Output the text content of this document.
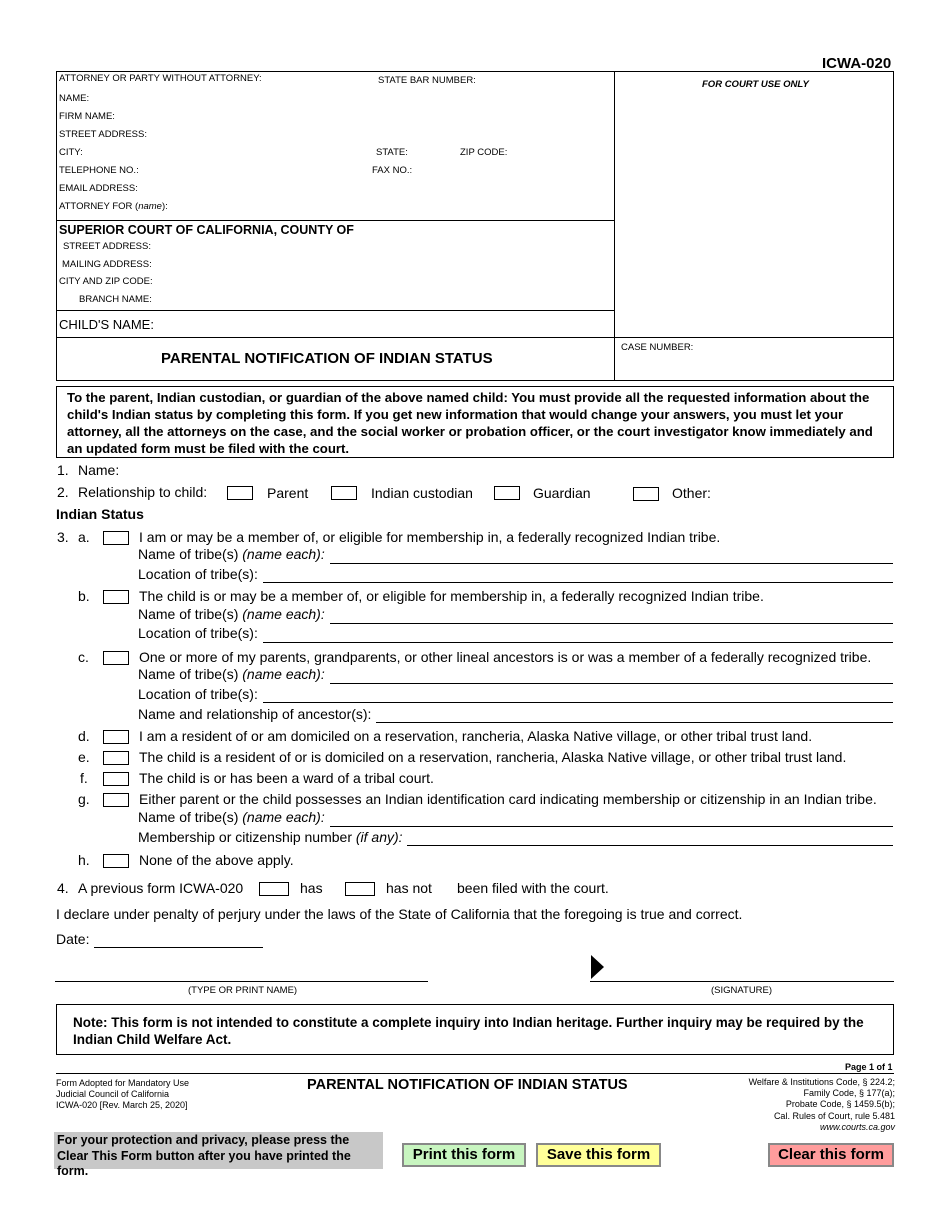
ICWA-020
ATTORNEY OR PARTY WITHOUT ATTORNEY:	STATE BAR NUMBER:	FOR COURT USE ONLY
NAME:
FIRM NAME:
STREET ADDRESS:
CITY:	STATE:	ZIP CODE:
TELEPHONE NO.:	FAX NO.:
EMAIL ADDRESS:
ATTORNEY FOR (name):
SUPERIOR COURT OF CALIFORNIA, COUNTY OF
STREET ADDRESS:
MAILING ADDRESS:
CITY AND ZIP CODE:
BRANCH NAME:
CHILD'S NAME:
PARENTAL NOTIFICATION OF INDIAN STATUS
CASE NUMBER:
To the parent, Indian custodian, or guardian of the above named child: You must provide all the requested information about the child's Indian status by completing this form. If you get new information that would change your answers, you must let your attorney, all the attorneys on the case, and the social worker or probation officer, or the court investigator know immediately and an updated form must be filed with the court.
1. Name:
2. Relationship to child:	Parent	Indian custodian	Guardian	Other:
Indian Status
3. a.	I am or may be a member of, or eligible for membership in, a federally recognized Indian tribe.
Name of tribe(s) (name each):
Location of tribe(s):
b.	The child is or may be a member of, or eligible for membership in, a federally recognized Indian tribe.
Name of tribe(s) (name each):
Location of tribe(s):
c.	One or more of my parents, grandparents, or other lineal ancestors is or was a member of a federally recognized tribe.
Name of tribe(s) (name each):
Location of tribe(s):
Name and relationship of ancestor(s):
d.	I am a resident of or am domiciled on a reservation, rancheria, Alaska Native village, or other tribal trust land.
e.	The child is a resident of or is domiciled on a reservation, rancheria, Alaska Native village, or other tribal trust land.
f.	The child is or has been a ward of a tribal court.
g.	Either parent or the child possesses an Indian identification card indicating membership or citizenship in an Indian tribe.
Name of tribe(s) (name each):
Membership or citizenship number (if any):
h.	None of the above apply.
4. A previous form ICWA-020	has	has not been filed with the court.
I declare under penalty of perjury under the laws of the State of California that the foregoing is true and correct.
Date:
(TYPE OR PRINT NAME)	(SIGNATURE)
Note: This form is not intended to constitute a complete inquiry into Indian heritage. Further inquiry may be required by the Indian Child Welfare Act.
Page 1 of 1
Form Adopted for Mandatory Use
Judicial Council of California
ICWA-020 [Rev. March 25, 2020]
PARENTAL NOTIFICATION OF INDIAN STATUS	Welfare & Institutions Code, § 224.2;
Family Code, § 177(a);
Probate Code, § 1459.5(b);
Cal. Rules of Court, rule 5.481
www.courts.ca.gov
For your protection and privacy, please press the Clear This Form button after you have printed the form.
Print this form	Save this form	Clear this form
